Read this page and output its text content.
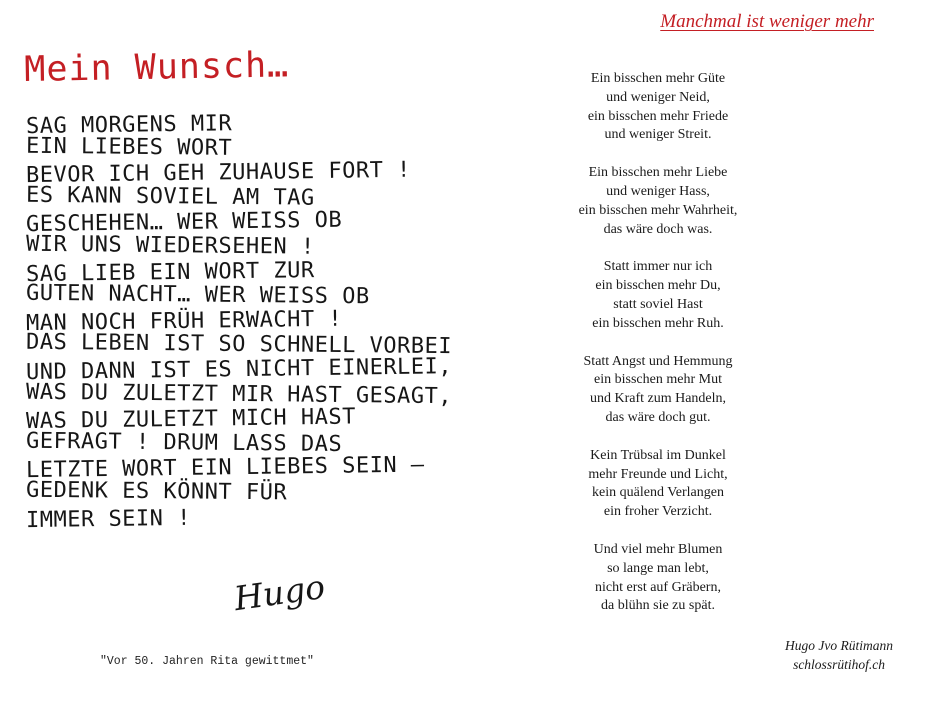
Mein Wunsch…
SAG MORGENS MIR
EIN LIEBES WORT
BEVOR ICH GEH ZUHAUSE FORT !
ES KANN SOVIEL AM TAG
GESCHEHEN… WER WEISS OB
WIR UNS WIEDERSEHEN !
SAG LIEB EIN WORT ZUR
GUTEN NACHT… WER WEISS OB
MAN NOCH FRÜH ERWACHT !
DAS LEBEN IST SO SCHNELL VORBEI
UND DANN IST ES NICHT EINERLEI,
WAS DU ZULETZT MIR HAST GESAGT,
WAS DU ZULETZT MICH HAST
GEFRAGT ! DRUM LASS DAS
LETZTE WORT EIN LIEBES SEIN –
GEDENK ES KÖNNT FÜR
IMMER SEIN !
Hugo
"Vor 50. Jahren Rita gewittmet"
Manchmal ist weniger mehr
Ein bisschen mehr Güte
und weniger Neid,
ein bisschen mehr Friede
und weniger Streit.
Ein bisschen mehr Liebe
und weniger Hass,
ein bisschen mehr Wahrheit,
das wäre doch was.
Statt immer nur ich
ein bisschen mehr Du,
statt soviel Hast
ein bisschen mehr Ruh.
Statt Angst und Hemmung
ein bisschen mehr Mut
und Kraft zum Handeln,
das wäre doch gut.
Kein Trübsal im Dunkel
mehr Freunde und Licht,
kein quälend Verlangen
ein froher Verzicht.
Und viel mehr Blumen
so lange man lebt,
nicht erst auf Gräbern,
da blühn sie zu spät.
Hugo Jvo Rütimann
schlossrütihof.ch
